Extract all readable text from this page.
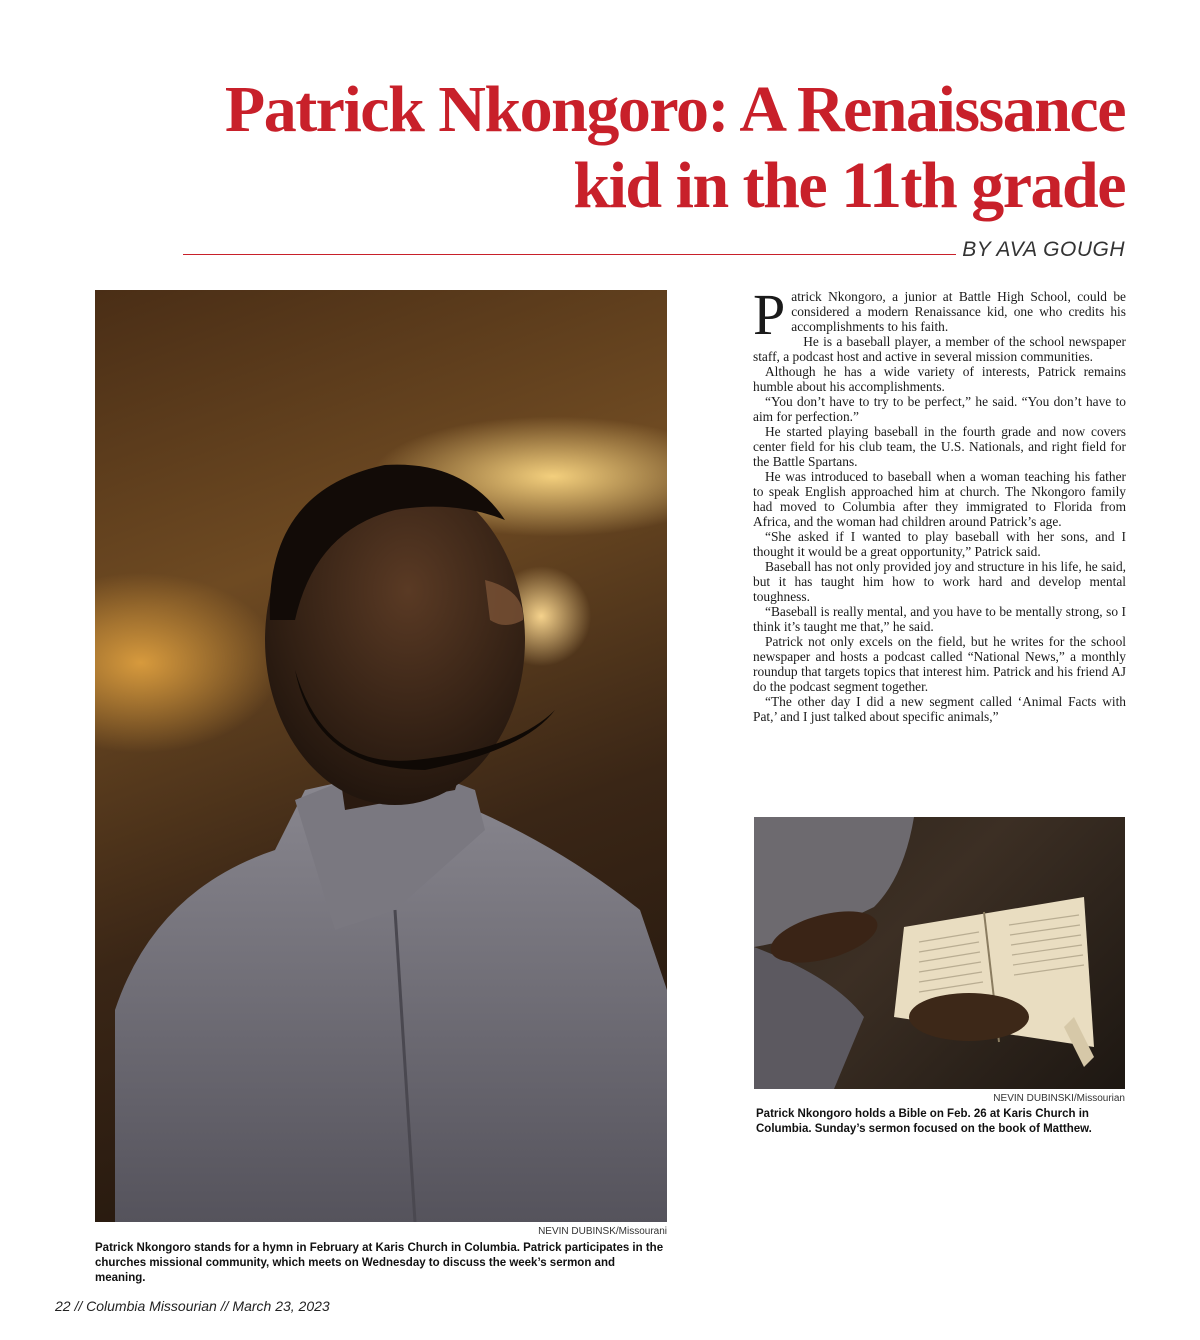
Patrick Nkongoro: A Renaissance kid in the 11th grade
BY AVA GOUGH
NEVIN DUBINSK/Missourani

Patrick Nkongoro stands for a hymn in February at Karis Church in Columbia. Patrick participates in the churches missional community, which meets on Wednesday to discuss the week’s sermon and meaning.

Patrick Nkongoro, a junior at Battle High School, could be considered a modern Renaissance kid, one who credits his accomplishments to his faith.

He is a baseball player, a member of the school newspaper staff, a podcast host and active in several mission communities.

Although he has a wide variety of interests, Patrick remains humble about his accomplishments.

“You don’t have to try to be perfect,” he said. “You don’t have to aim for perfection.”

He started playing baseball in the fourth grade and now covers center field for his club team, the U.S. Nationals, and right field for the Battle Spartans.

He was introduced to baseball when a woman teaching his father to speak English approached him at church. The Nkongoro family had moved to Columbia after they immigrated to Florida from Africa, and the woman had children around Patrick’s age.

“She asked if I wanted to play baseball with her sons, and I thought it would be a great opportunity,” Patrick said.

Baseball has not only provided joy and structure in his life, he said, but it has taught him how to work hard and develop mental toughness.

“Baseball is really mental, and you have to be mentally strong, so I think it’s taught me that,” he said.

Patrick not only excels on the field, but he writes for the school newspaper and hosts a podcast called “National News,” a monthly roundup that targets topics that interest him. Patrick and his friend AJ do the podcast segment together.

“The other day I did a new segment called ‘Animal Facts with Pat,’ and I just talked about specific animals,”

NEVIN DUBINSKI/Missourian

Patrick Nkongoro holds a Bible on Feb. 26 at Karis Church in Columbia. Sunday’s sermon focused on the book of Matthew.

22 // Columbia Missourian // March 23, 2023
